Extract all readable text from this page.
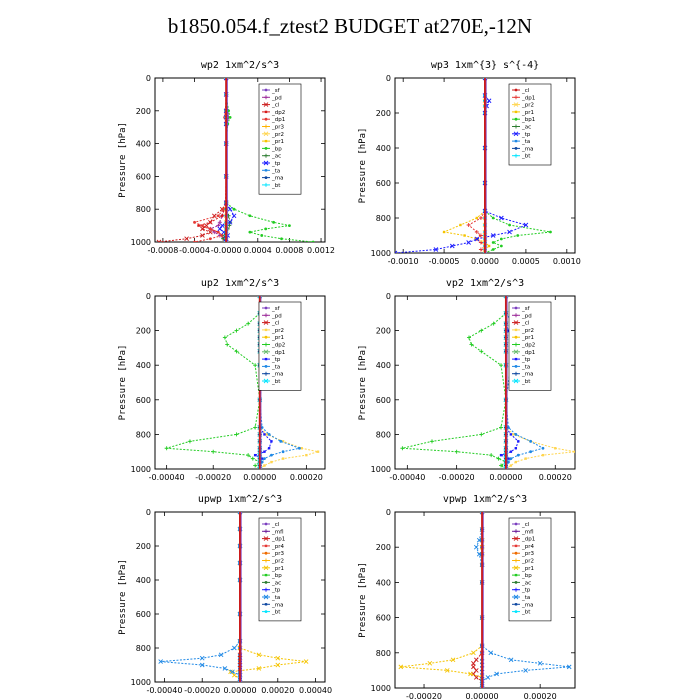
b1850.054.f_ztest2 BUDGET at270E,-12N
wp2 1xm^2/s^3
0
200
400
600
800
1000
Pressure [hPa]
-0.0008 -0.0004 -0.0000 0.0004 0.0008 0.0012
_sf
_pd
_cl
_dp2
_dp1
_pr3
_pr2
_pr1
_bp
_ac
_tp
_ta
_ma
_bt
wp3 1xm^{3} s^{-4}
0
200
400
600
800
1000
Pressure [hPa]
-0.0010 -0.0005 0.0000 0.0005 0.0010
_cl
_dp1
_pr2
_pr1
_bp1
_ac
_tp
_ta
_ma
_bt
up2 1xm^2/s^3
0
200
400
600
800
1000
Pressure [hPa]
-0.00040 -0.00020 0.00000 0.00020
_sf
_pd
_cl
_pr2
_pr1
_dp2
_dp1
_tp
_ta
_ma
_bt
vp2 1xm^2/s^3
0
200
400
600
800
1000
Pressure [hPa]
-0.00040 -0.00020 0.00000 0.00020
_sf
_pd
_cl
_pr2
_pr1
_dp2
_dp1
_tp
_ta
_ma
_bt
upwp 1xm^2/s^3
0
200
400
600
800
1000
Pressure [hPa]
-0.00040 -0.00020 0.00000 0.00020 0.00040
_cl
_mfl
_dp1
_pr4
_pr3
_pr2
_pr1
_bp
_ac
_tp
_ta
_ma
_bt
vpwp 1xm^2/s^3
0
200
400
600
800
1000
Pressure [hPa]
-0.00020	0.00000	0.00020
_cl
_mfl
_dp1
_pr4
_pr3
_pr2
_pr1
_bp
_ac
_tp
_ta
_ma
_bt
